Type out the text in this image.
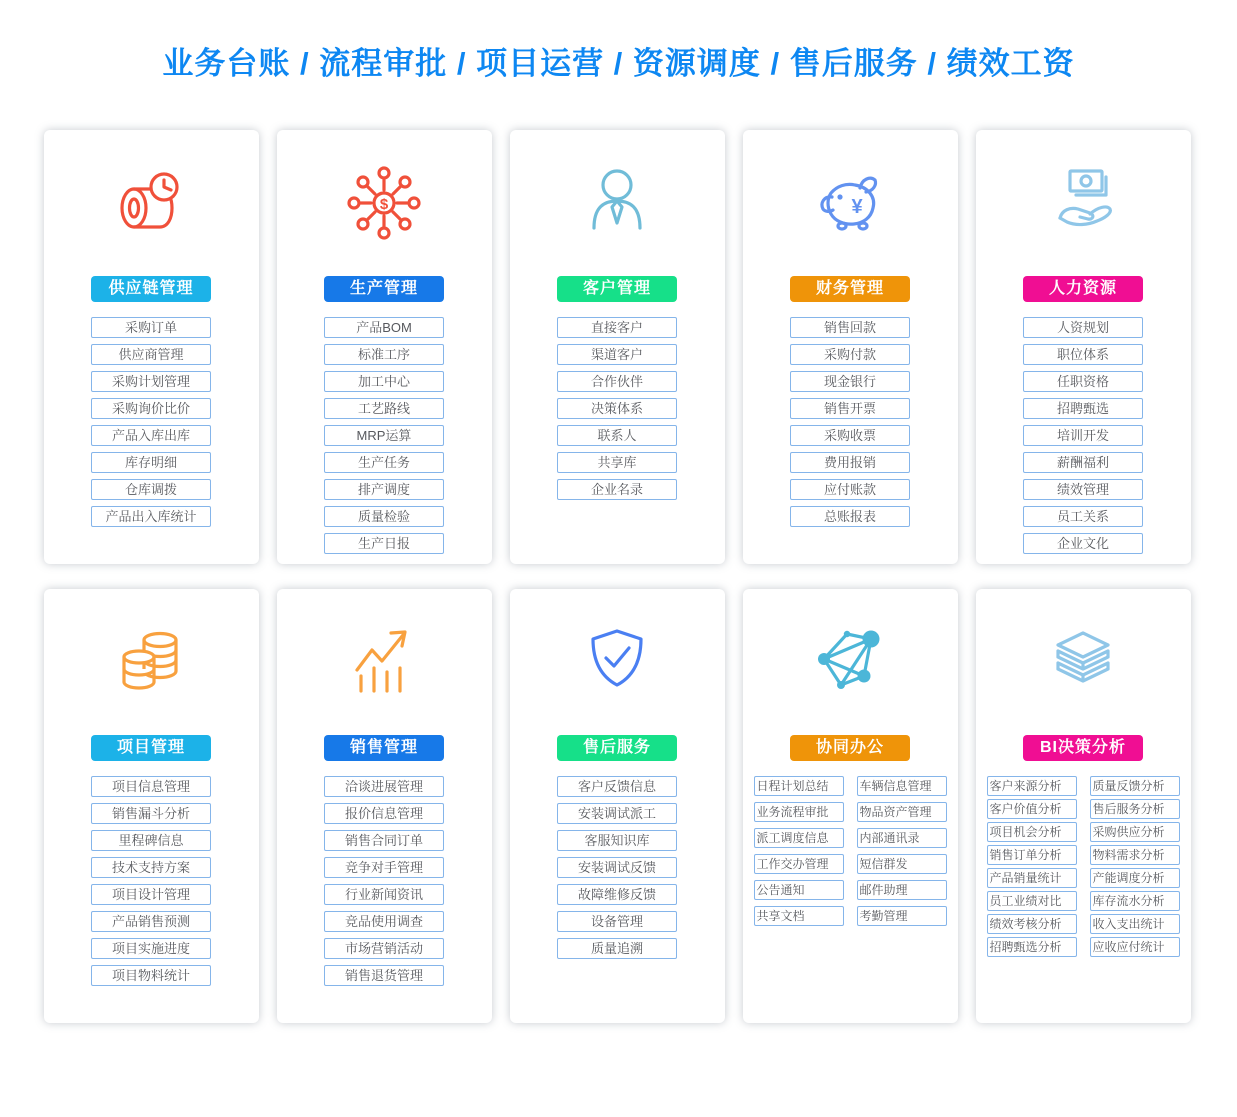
业务台账 / 流程审批 / 项目运营 / 资源调度 / 售后服务 / 绩效工资
供应链管理
采购订单
供应商管理
采购计划管理
采购询价比价
产品入库出库
库存明细
仓库调拨
产品出入库统计
$
生产管理
产品BOM
标准工序
加工中心
工艺路线
MRP运算
生产任务
排产调度
质量检验
生产日报
客户管理
直接客户
渠道客户
合作伙伴
决策体系
联系人
共享库
企业名录
¥
财务管理
销售回款
采购付款
现金银行
销售开票
采购收票
费用报销
应付账款
总账报表
人力资源
人资规划
职位体系
任职资格
招聘甄选
培训开发
薪酬福利
绩效管理
员工关系
企业文化
项目管理
项目信息管理
销售漏斗分析
里程碑信息
技术支持方案
项目设计管理
产品销售预测
项目实施进度
项目物料统计
销售管理
洽谈进展管理
报价信息管理
销售合同订单
竞争对手管理
行业新闻资讯
竞品使用调查
市场营销活动
销售退货管理
售后服务
客户反馈信息
安装调试派工
客服知识库
安装调试反馈
故障维修反馈
设备管理
质量追溯
协同办公
日程计划总结
业务流程审批
派工调度信息
工作交办管理
公告通知
共享文档
车辆信息管理
物品资产管理
内部通讯录
短信群发
邮件助理
考勤管理
BI决策分析
客户来源分析
客户价值分析
项目机会分析
销售订单分析
产品销量统计
员工业绩对比
绩效考核分析
招聘甄选分析
质量反馈分析
售后服务分析
采购供应分析
物料需求分析
产能调度分析
库存流水分析
收入支出统计
应收应付统计
